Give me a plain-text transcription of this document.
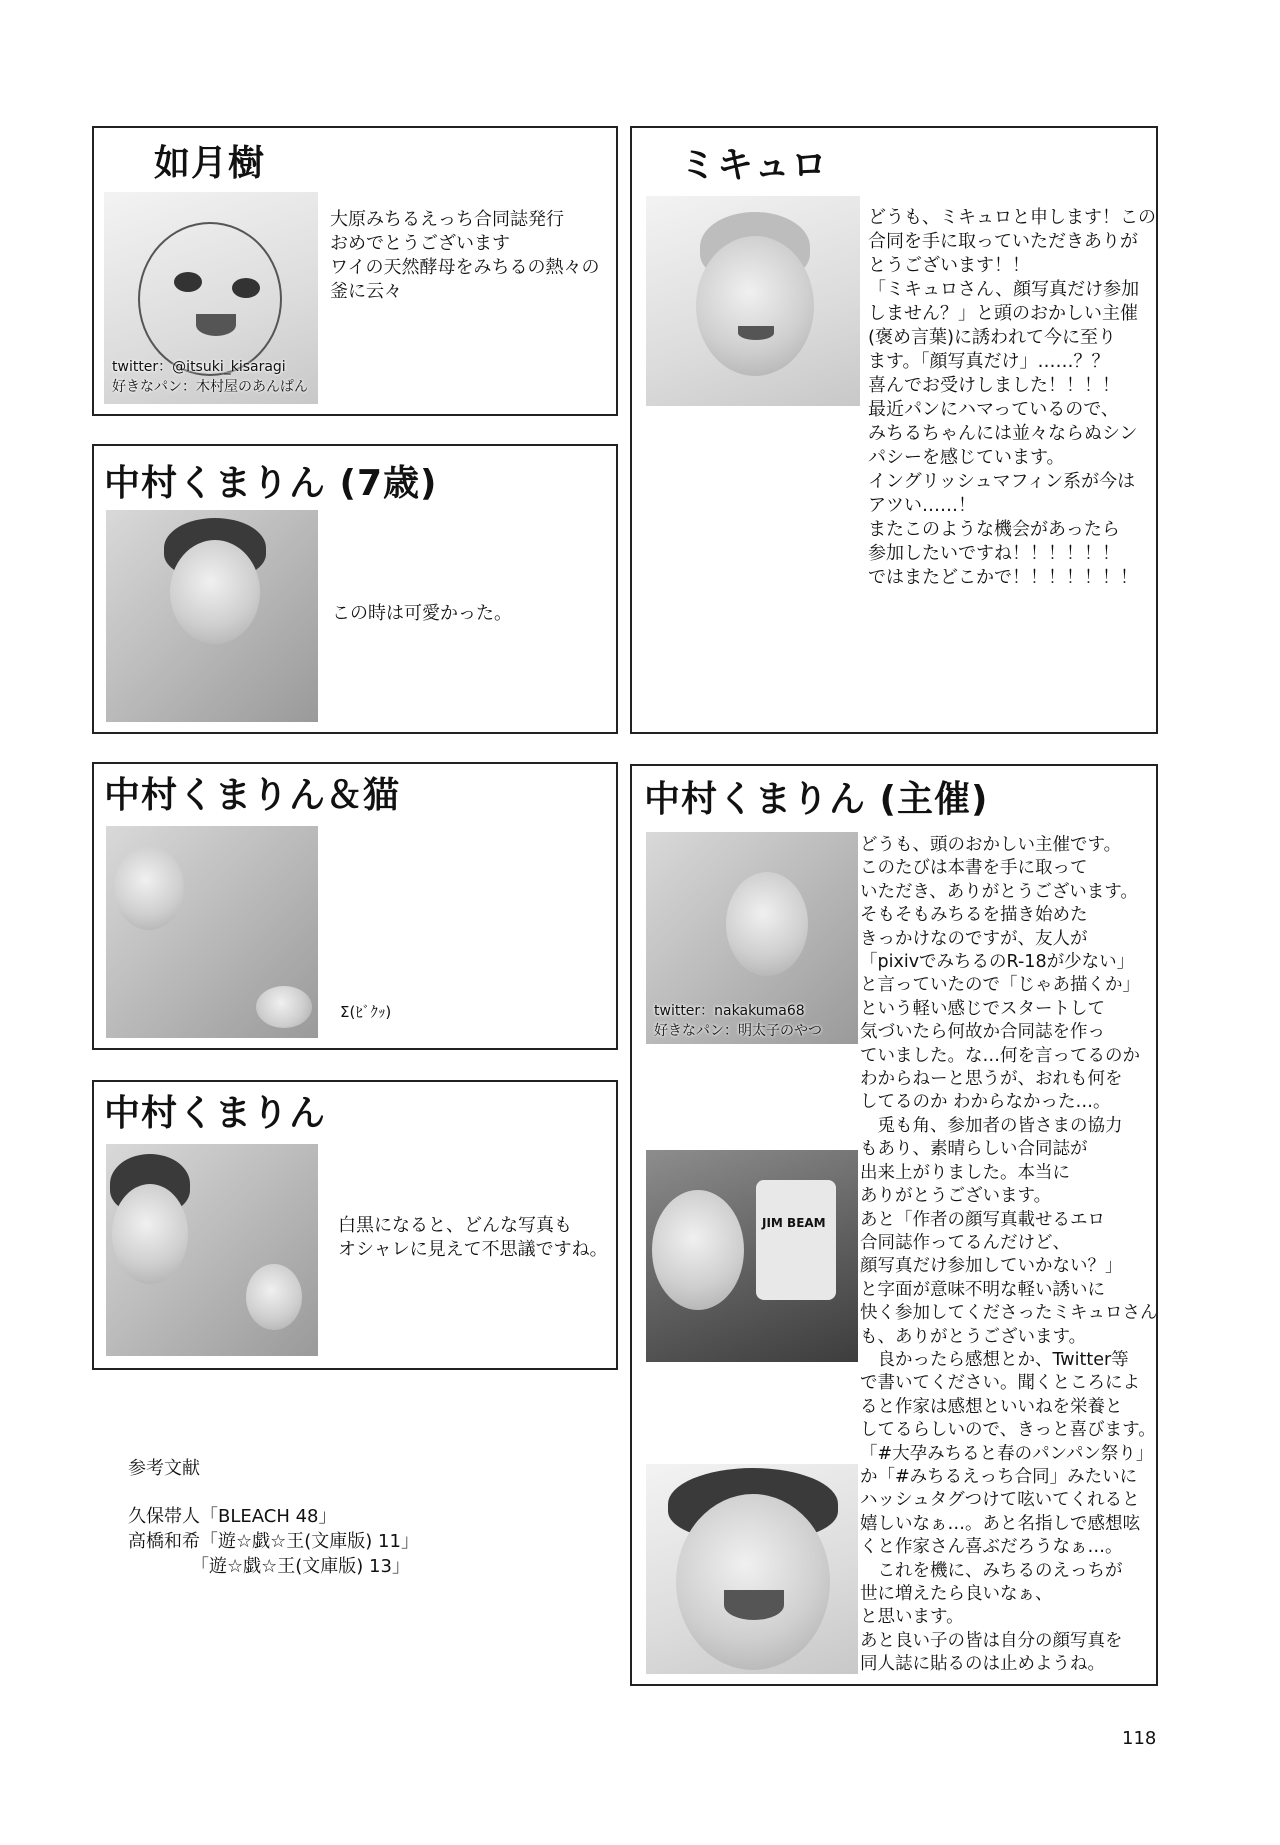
如月樹
twitter：@itsuki_kisaragi
好きなパン：木村屋のあんぱん
大原みちるえっち合同誌発行
おめでとうございます
ワイの天然酵母をみちるの熱々の
釜に云々
ミキュロ
どうも、ミキュロと申します！この
合同を手に取っていただきありが
とうございます！！
「ミキュロさん、顔写真だけ参加
しません？」と頭のおかしい主催
(褒め言葉)に誘われて今に至り
ます。「顔写真だけ」……？？
喜んでお受けしました！！！！
最近パンにハマっているので、
みちるちゃんには並々ならぬシン
パシーを感じています。
イングリッシュマフィン系が今は
アツい……！
またこのような機会があったら
参加したいですね！！！！！！
ではまたどこかで！！！！！！！
中村くまりん (7歳)
この時は可愛かった。
中村くまりん＆猫
Σ(ﾋﾞｸｯ)
中村くまりん
白黒になると、どんな写真も
オシャレに見えて不思議ですね。
中村くまりん (主催)
twitter：nakakuma68
好きなパン：明太子のやつ
JIM BEAM
どうも、頭のおかしい主催です。
このたびは本書を手に取って
いただき、ありがとうございます。
そもそもみちるを描き始めた
きっかけなのですが、友人が
「pixivでみちるのR-18が少ない」
と言っていたので「じゃあ描くか」
という軽い感じでスタートして
気づいたら何故か合同誌を作っ
ていました。な…何を言ってるのか
わからねーと思うが、おれも何を
してるのか わからなかった…。
　兎も角、参加者の皆さまの協力
もあり、素晴らしい合同誌が
出来上がりました。本当に
ありがとうございます。
あと「作者の顔写真載せるエロ
合同誌作ってるんだけど、
顔写真だけ参加していかない？」
と字面が意味不明な軽い誘いに
快く参加してくださったミキュロさん
も、ありがとうございます。
　良かったら感想とか、Twitter等
で書いてください。聞くところによ
ると作家は感想といいねを栄養と
してるらしいので、きっと喜びます。
「#大孕みちると春のパンパン祭り」
か「#みちるえっち合同」みたいに
ハッシュタグつけて呟いてくれると
嬉しいなぁ…。あと名指しで感想呟
くと作家さん喜ぶだろうなぁ…。
　これを機に、みちるのえっちが
世に増えたら良いなぁ、
と思います。
あと良い子の皆は自分の顔写真を
同人誌に貼るのは止めようね。
参考文献
久保帯人「BLEACH 48」
高橋和希「遊☆戯☆王(文庫版) 11」
　　　　「遊☆戯☆王(文庫版) 13」
118
